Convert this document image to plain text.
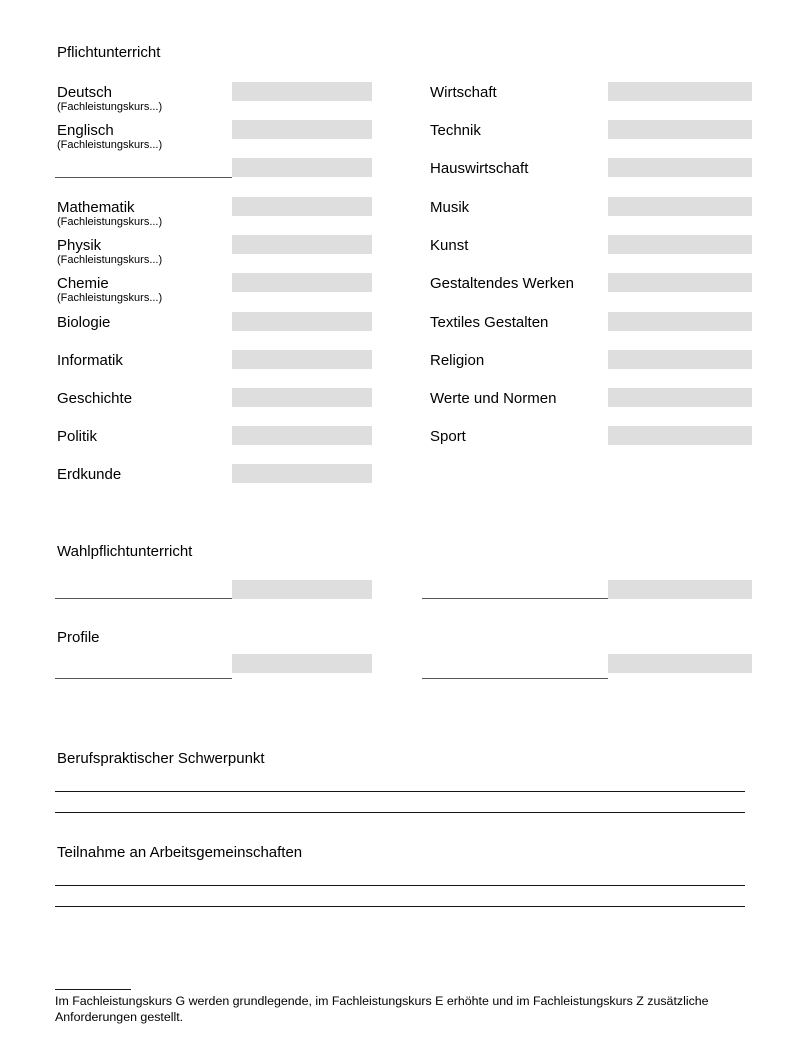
Pflichtunterricht
Deutsch
(Fachleistungskurs...)
Englisch
(Fachleistungskurs...)
Mathematik
(Fachleistungskurs...)
Physik
(Fachleistungskurs...)
Chemie
(Fachleistungskurs...)
Biologie
Informatik
Geschichte
Politik
Erdkunde
Wirtschaft
Technik
Hauswirtschaft
Musik
Kunst
Gestaltendes Werken
Textiles Gestalten
Religion
Werte und Normen
Sport
Wahlpflichtunterricht
Profile
Berufspraktischer Schwerpunkt
Teilnahme an Arbeitsgemeinschaften
Im Fachleistungskurs G werden grundlegende, im Fachleistungskurs E erhöhte und im Fachleistungskurs Z zusätzliche Anforderungen gestellt.
